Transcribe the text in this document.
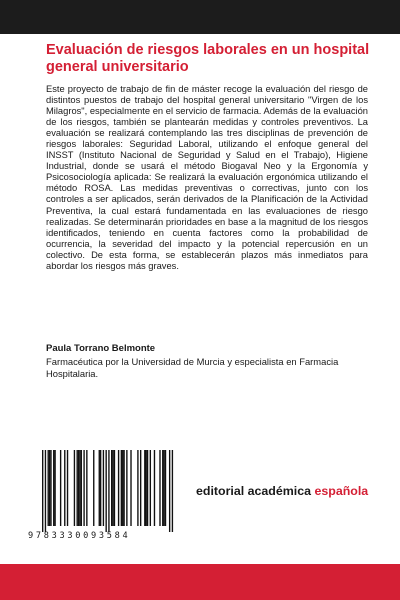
Evaluación de riesgos laborales en un hospital general universitario

Este proyecto de trabajo de fin de máster recoge la evaluación del riesgo de distintos puestos de trabajo del hospital general universitario "Virgen de los Milagros", especialmente en el servicio de farmacia. Además de la evaluación de los riesgos, también se plantearán medidas y controles preventivos. La evaluación se realizará contemplando las tres disciplinas de prevención de riesgos laborales: Seguridad Laboral, utilizando el enfoque general del INSST (Instituto Nacional de Seguridad y Salud en el Trabajo), Higiene Industrial, donde se usará el método Biogaval Neo y la Ergonomía y Psicosociología aplicada: Se realizará la evaluación ergonómica utilizando el método ROSA. Las medidas preventivas o correctivas, junto con los controles a ser aplicados, serán derivados de la Planificación de la Actividad Preventiva, la cual estará fundamentada en las evaluaciones de riesgo realizadas. Se determinarán prioridades en base a la magnitud de los riesgos identificados, teniendo en cuenta factores como la probabilidad de ocurrencia, la severidad del impacto y la potencial repercusión en un colectivo. De esta forma, se establecerán plazos más inmediatos para abordar los riesgos más graves.

Paula Torrano Belmonte

Farmacéutica por la Universidad de Murcia y especialista en Farmacia Hospitalaria.

9783330093584

editorial académica española
